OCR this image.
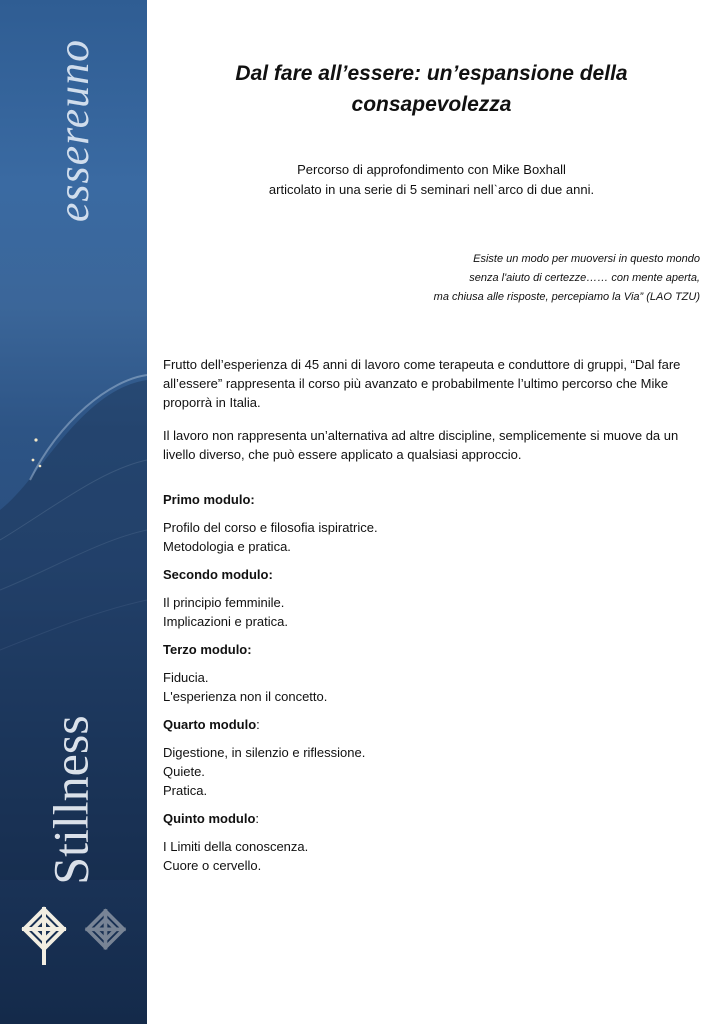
essereuno
Stillness
Dal fare all’essere: un’espansione della
consapevolezza
Percorso di approfondimento con Mike Boxhall
articolato in una serie di 5 seminari nellˋarco di due anni.
Esiste un modo per muoversi in questo mondo
senza l'aiuto di certezze…… con mente aperta,
ma chiusa alle risposte, percepiamo la Via” (LAO TZU)

Frutto dell’esperienza di 45 anni di lavoro come terapeuta e conduttore di gruppi, “Dal fare all’essere” rappresenta il corso più avanzato e probabilmente l’ultimo percorso che Mike proporrà in Italia.

Il lavoro non rappresenta un’alternativa ad altre discipline, semplicemente si muove da un livello diverso, che può essere applicato a qualsiasi approccio.

Primo modulo:

Profilo del corso e filosofia ispiratrice.

Metodologia e pratica.

Secondo modulo:

Il principio femminile.

Implicazioni e pratica.

Terzo modulo:

Fiducia.

L'esperienza non il concetto.

Quarto modulo:

Digestione, in silenzio e riflessione.

Quiete.

Pratica.

Quinto modulo:

I Limiti della conoscenza.

Cuore o cervello.
